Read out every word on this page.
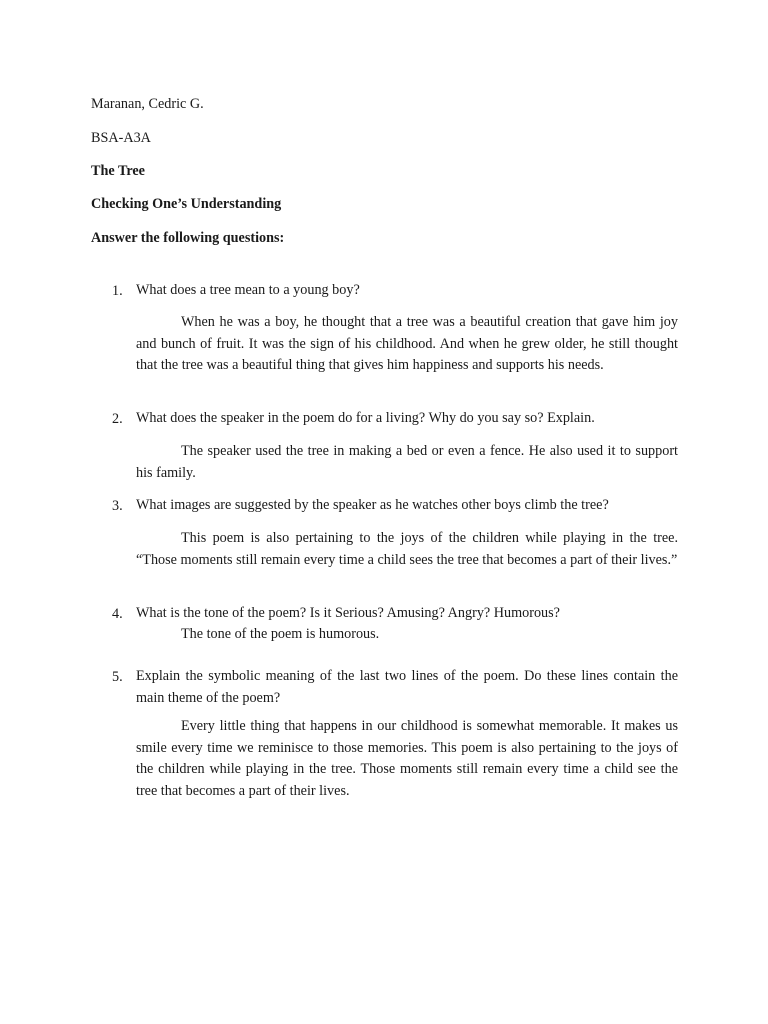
Maranan, Cedric G.
BSA-A3A
The Tree
Checking One’s Understanding
Answer the following questions:
1. What does a tree mean to a young boy?
When he was a boy, he thought that a tree was a beautiful creation that gave him joy and bunch of fruit. It was the sign of his childhood. And when he grew older, he still thought that the tree was a beautiful thing that gives him happiness and supports his needs.
2. What does the speaker in the poem do for a living? Why do you say so? Explain.
The speaker used the tree in making a bed or even a fence. He also used it to support his family.
3. What images are suggested by the speaker as he watches other boys climb the tree?
This poem is also pertaining to the joys of the children while playing in the tree. “Those moments still remain every time a child sees the tree that becomes a part of their lives.”
4. What is the tone of the poem? Is it Serious? Amusing? Angry? Humorous?
The tone of the poem is humorous.
5. Explain the symbolic meaning of the last two lines of the poem. Do these lines contain the main theme of the poem?
Every little thing that happens in our childhood is somewhat memorable. It makes us smile every time we reminisce to those memories. This poem is also pertaining to the joys of the children while playing in the tree. Those moments still remain every time a child see the tree that becomes a part of their lives.
